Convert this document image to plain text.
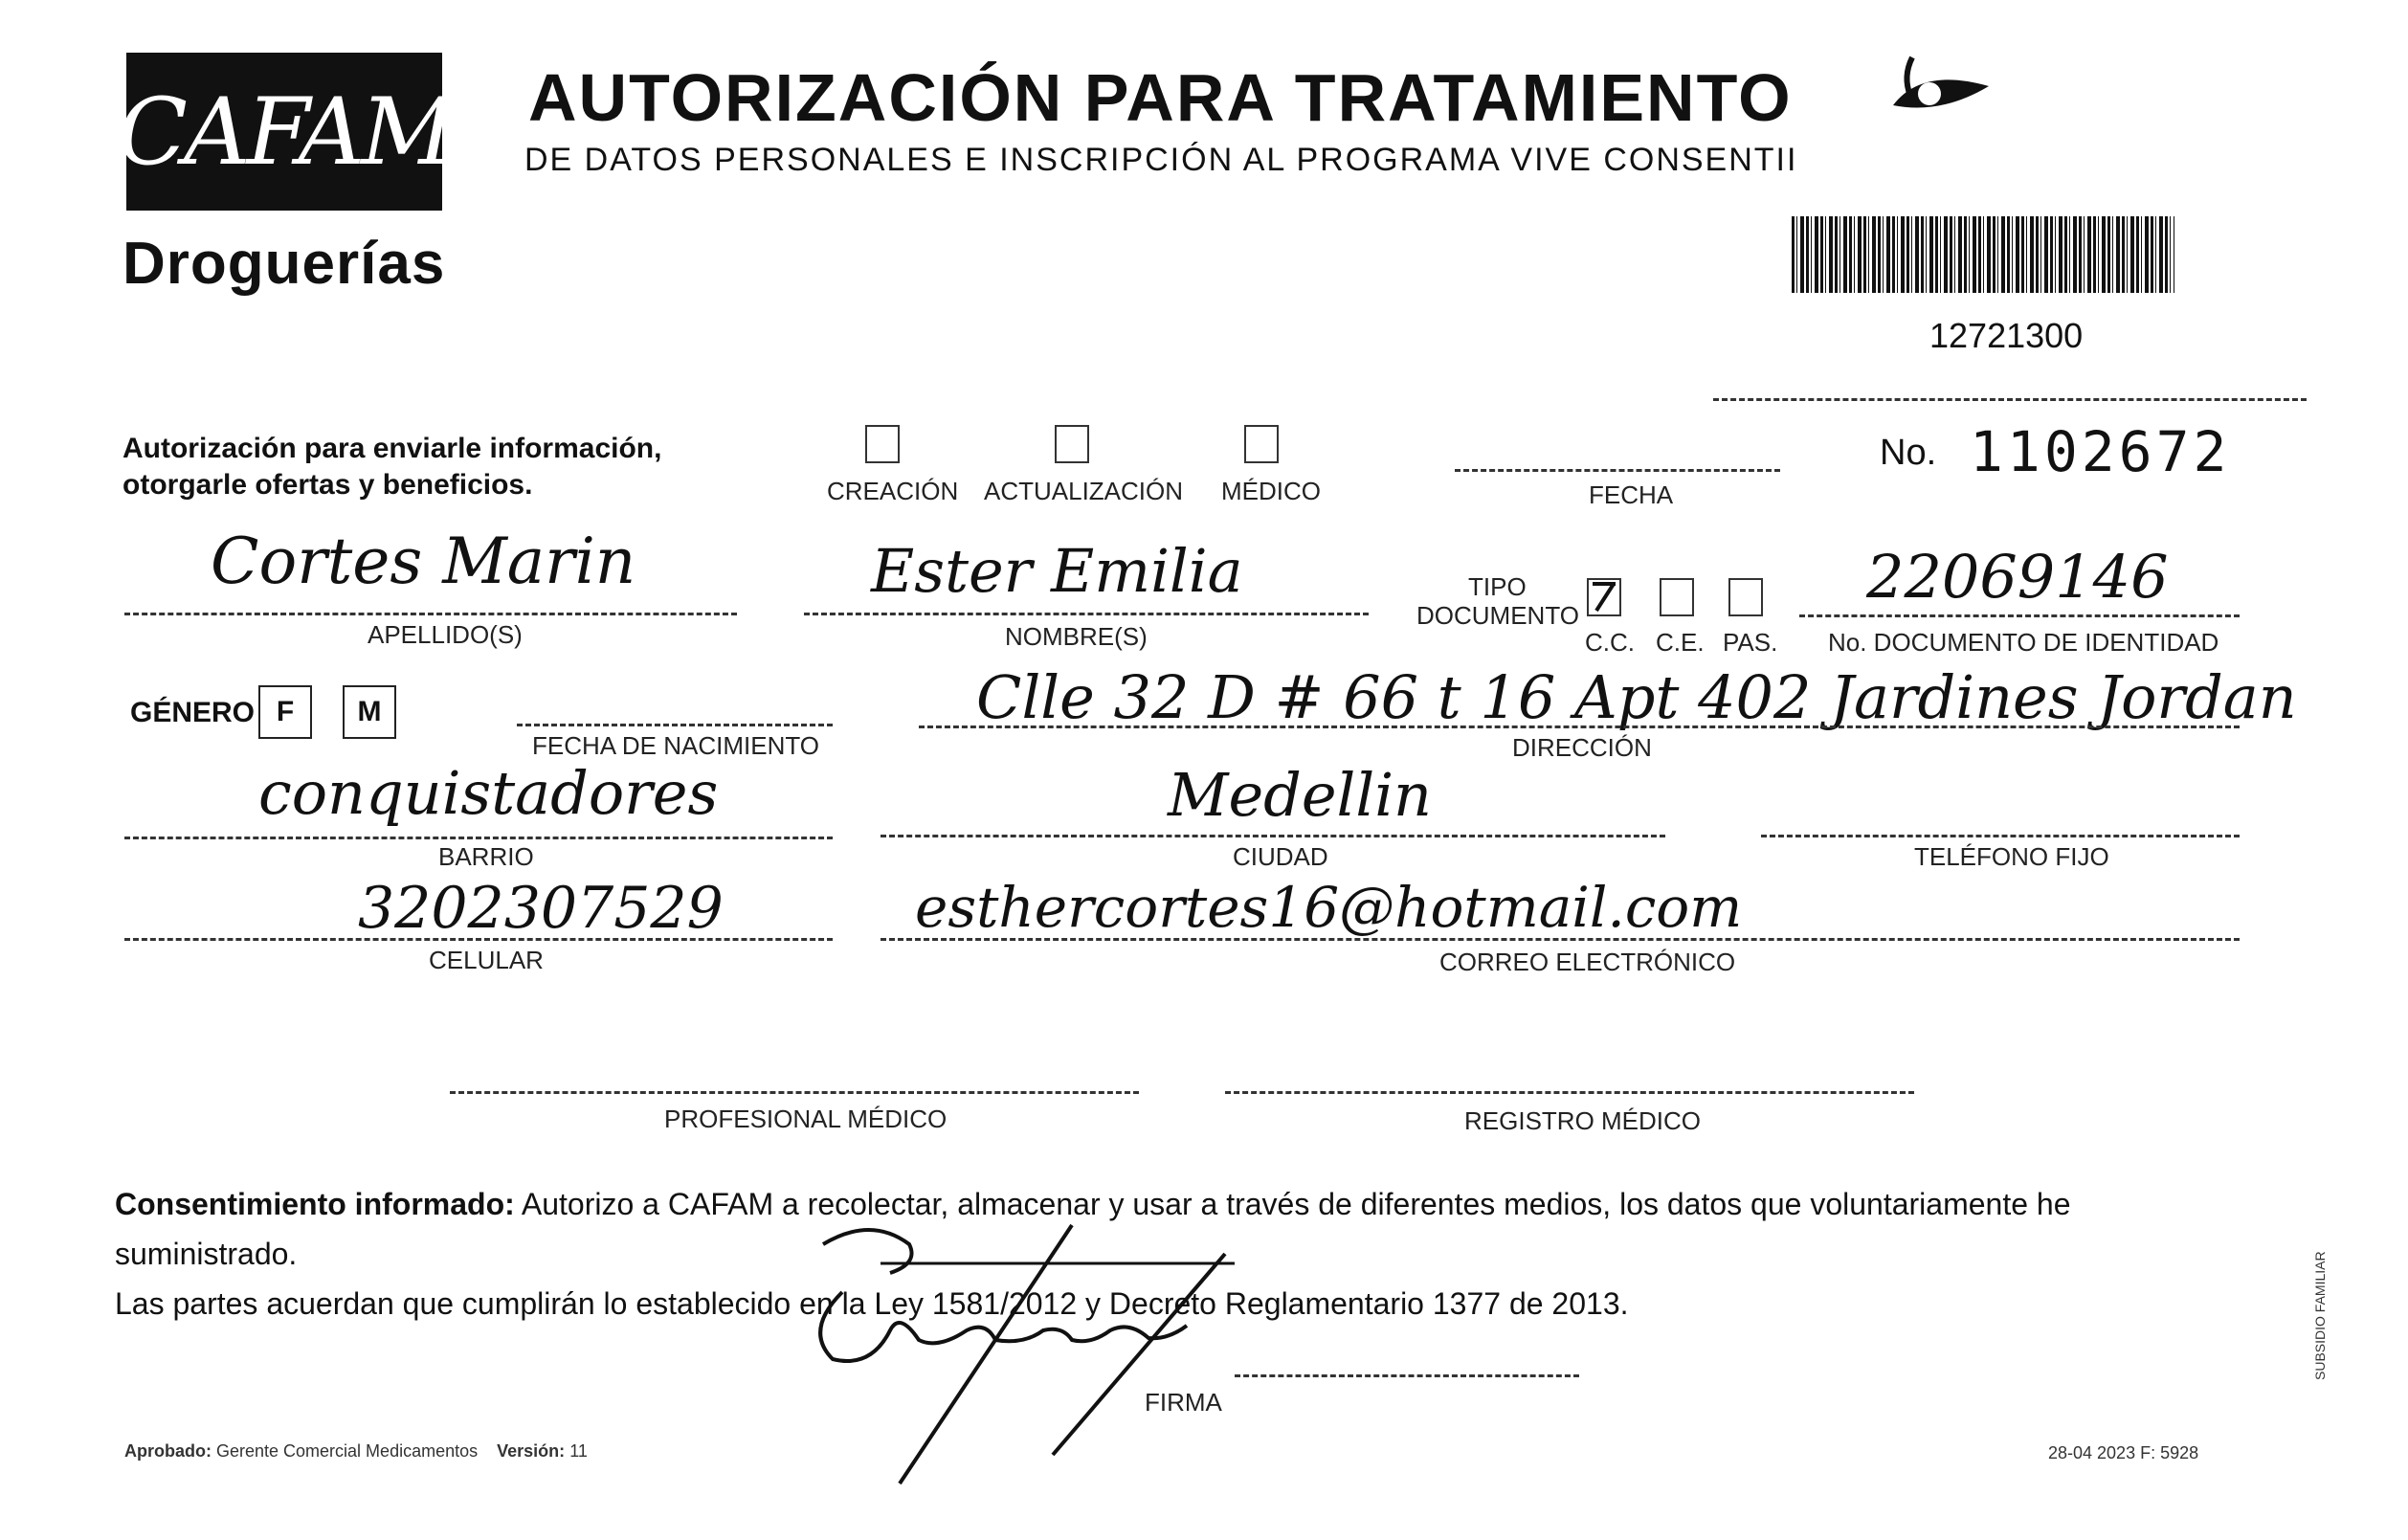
CAFAM
Droguerías
AUTORIZACIÓN PARA TRATAMIENTO
DE DATOS PERSONALES E INSCRIPCIÓN AL PROGRAMA VIVE CONSENTII
12721300
Autorización para enviarle información,
otorgarle ofertas y beneficios.	CREACIÓN ACTUALIZACIÓN MÉDICO	FECHA
No. 1102672
Cortes Marin
APELLIDO(S)
Ester Emilia
NOMBRE(S)
TIPO
DOCUMENTO
C.C. C.E. PAS.
22069146
No. DOCUMENTO DE IDENTIDAD
GÉNERO F M
FECHA DE NACIMIENTO
Clle 32 D # 66 t 16 Apt 402 Jardines Jordan
DIRECCIÓN
conquistadores
BARRIO
Medellin
CIUDAD	TELÉFONO FIJO
3202307529
CELULAR
esthercortes16@hotmail.com
CORREO ELECTRÓNICO
PROFESIONAL MÉDICO	REGISTRO MÉDICO
Consentimiento informado: Autorizo a CAFAM a recolectar, almacenar y usar a través de diferentes medios, los datos que voluntariamente he suministrado.
Las partes acuerdan que cumplirán lo establecido en la Ley 1581/2012 y Decreto Reglamentario 1377 de 2013.
FIRMA
Aprobado: Gerente Comercial Medicamentos Versión: 11	28-04 2023 F: 5928
SUBSIDIO FAMILIAR
